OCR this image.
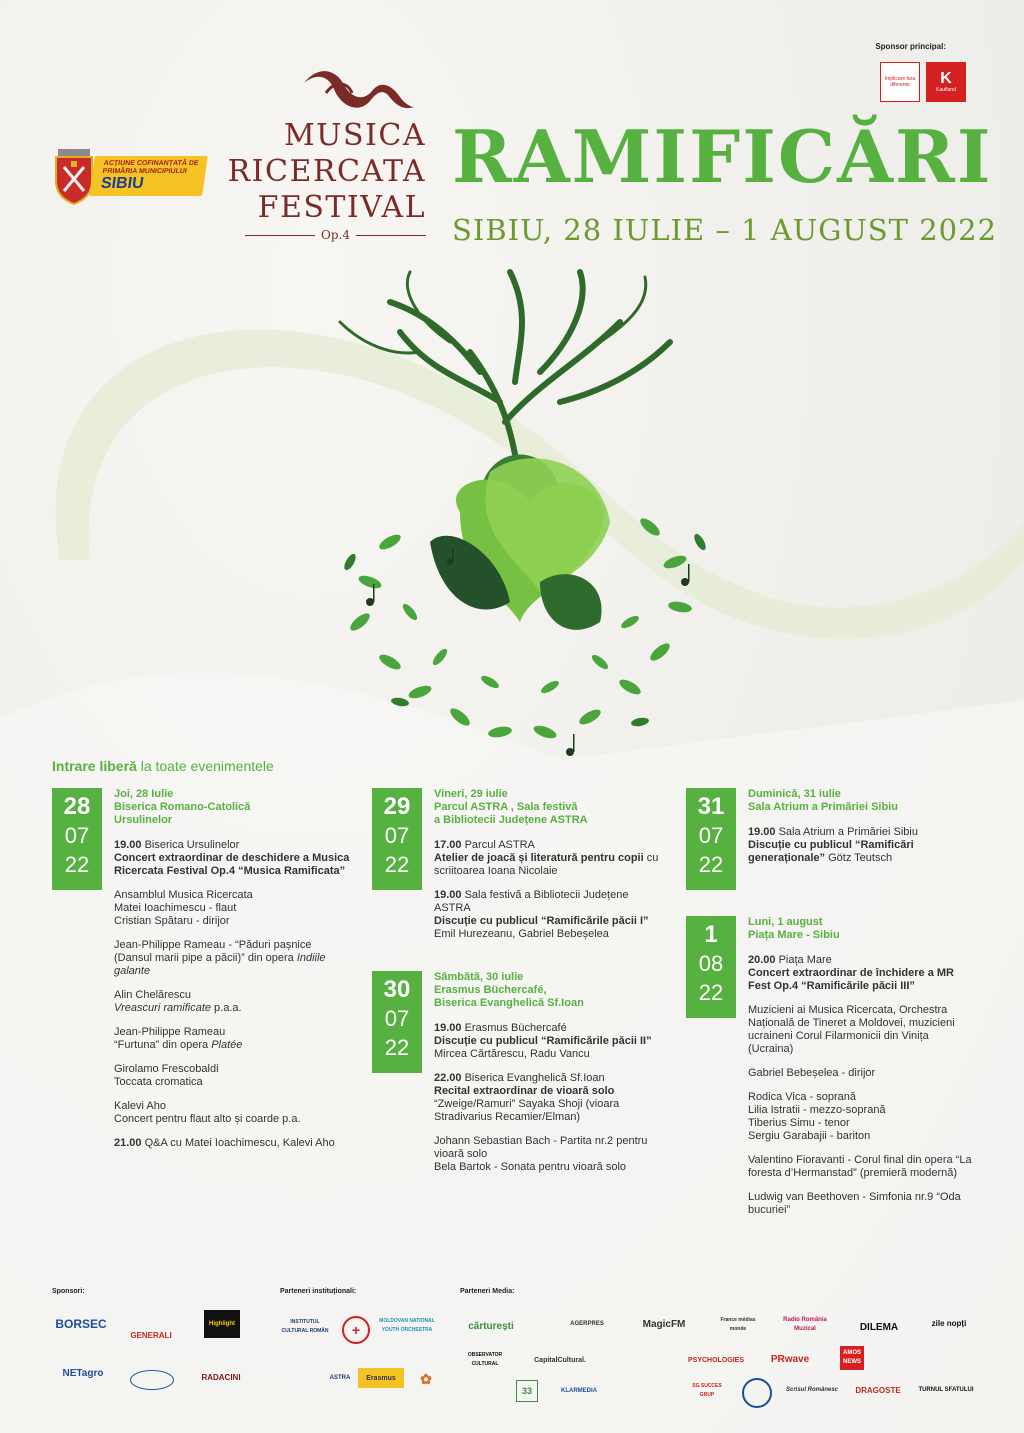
Sponsor principal:
Implicare fara diferente	K
Kaufland
ACȚIUNE COFINANȚATĂ DE
PRIMĂRIA MUNICIPIULUI
SIBIU
MUSICA
RICERCATA
FESTIVAL
Op.4
RAMIFICĂRI
SIBIU, 28 IULIE – 1 AUGUST 2022
Intrare liberă la toate evenimentele
28
07
22
Joi, 28 Iulie
Biserica Romano-Catolică
Ursulinelor
19.00 Biserica Ursulinelor
Concert extraordinar de deschidere a Musica Ricercata Festival Op.4 “Musica Ramificata”
Ansamblul Musica Ricercata
Matei Ioachimescu - flaut
Cristian Spătaru - dirijor
Jean-Philippe Rameau - “Păduri pașnice (Dansul marii pipe a păcii)” din opera Indiile galante
Alin Chelărescu
Vreascuri ramificate p.a.a.
Jean-Philippe Rameau
“Furtuna” din opera Platée
Girolamo Frescobaldi
Toccata cromatica
Kalevi Aho
Concert pentru flaut alto și coarde p.a.
21.00 Q&A cu Matei Ioachimescu, Kalevi Aho
29
07
22
Vineri, 29 iulie
Parcul ASTRA , Sala festivă
a Bibliotecii Județene ASTRA
17.00 Parcul ASTRA
Atelier de joacă și literatură pentru copii cu scriitoarea Ioana Nicolaie
19.00 Sala festivă a Bibliotecii Județene ASTRA
Discuție cu publicul “Ramificările păcii I”
Emil Hurezeanu, Gabriel Bebeșelea
30
07
22
Sâmbătă, 30 iulie
Erasmus Büchercafé,
Biserica Evanghelică Sf.Ioan
19.00 Erasmus Büchercafé
Discuție cu publicul “Ramificările păcii II” Mircea Cărtărescu, Radu Vancu
22.00 Biserica Evanghelică Sf.Ioan
Recital extraordinar de vioară solo
“Zweige/Ramuri” Sayaka Shoji (vioara Stradivarius Recamier/Elman)
Johann Sebastian Bach - Partita nr.2 pentru vioară solo
Bela Bartok - Sonata pentru vioară solo
31
07
22
Duminică, 31 iulie
Sala Atrium a Primăriei Sibiu
19.00 Sala Atrium a Primăriei Sibiu
Discuție cu publicul “Ramificări generaționale” Götz Teutsch
1
08
22
Luni, 1 august
Piața Mare - Sibiu
20.00 Piața Mare
Concert extraordinar de închidere a MR Fest Op.4 “Ramificările păcii III”
Muzicieni ai Musica Ricercata, Orchestra Națională de Tineret a Moldovei, muzicieni ucraineni Corul Filarmonicii din Vinița (Ucraina)
Gabriel Bebeșelea - dirijor
Rodica Vica - soprană
Lilia Istratii - mezzo-soprană
Tiberius Simu - tenor
Sergiu Garabajii - bariton
Valentino Fioravanti - Corul final din opera “La foresta d’Hermanstad” (premieră modernă)
Ludwig van Beethoven - Simfonia nr.9 “Oda bucuriei”
Sponsori:	Parteneri instituționali:	Parteneri Media:
BORSEC
GENERALI
Highlight
NETagro	RADACINI
INSTITUTUL CULTURAL ROMÂN	+
MOLDOVAN NATIONAL YOUTH ORCHESTRA
ASTRA	Erasmus	✿
cărturești	AGERPRES	MagicFM	France médias monde
Radio România Muzical	DILEMA	zile nopți
OBSERVATOR CULTURAL
CapitalCultural.	PSYCHOLOGIES	PRwave
AMOS NEWS
33	KLARMEDIA
SG SUCCES GRUP
Scrisul Românesc	DRAGOSTE	TURNUL SFATULUI
